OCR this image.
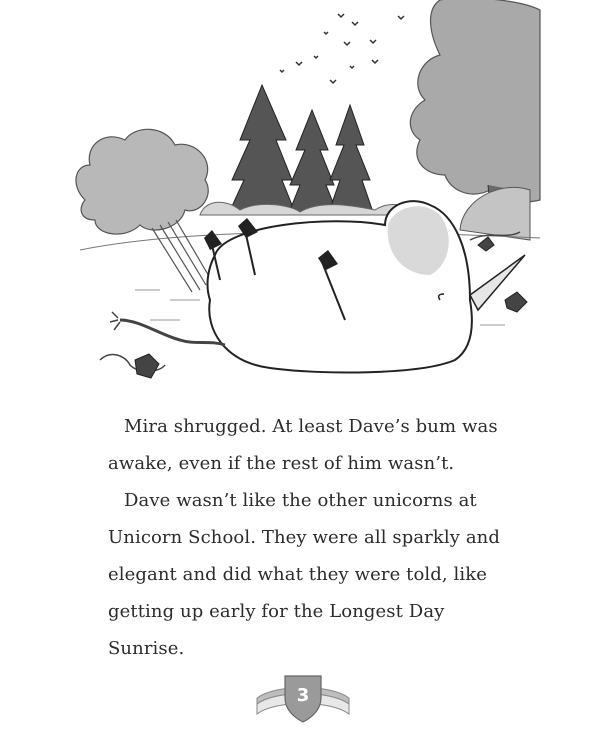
Mira shrugged. At least Dave’s bum was
awake, even if the rest of him wasn’t.

Dave wasn’t like the other unicorns at
Unicorn School. They were all sparkly and
elegant and did what they were told, like
getting up early for the Longest Day Sunrise.

3
